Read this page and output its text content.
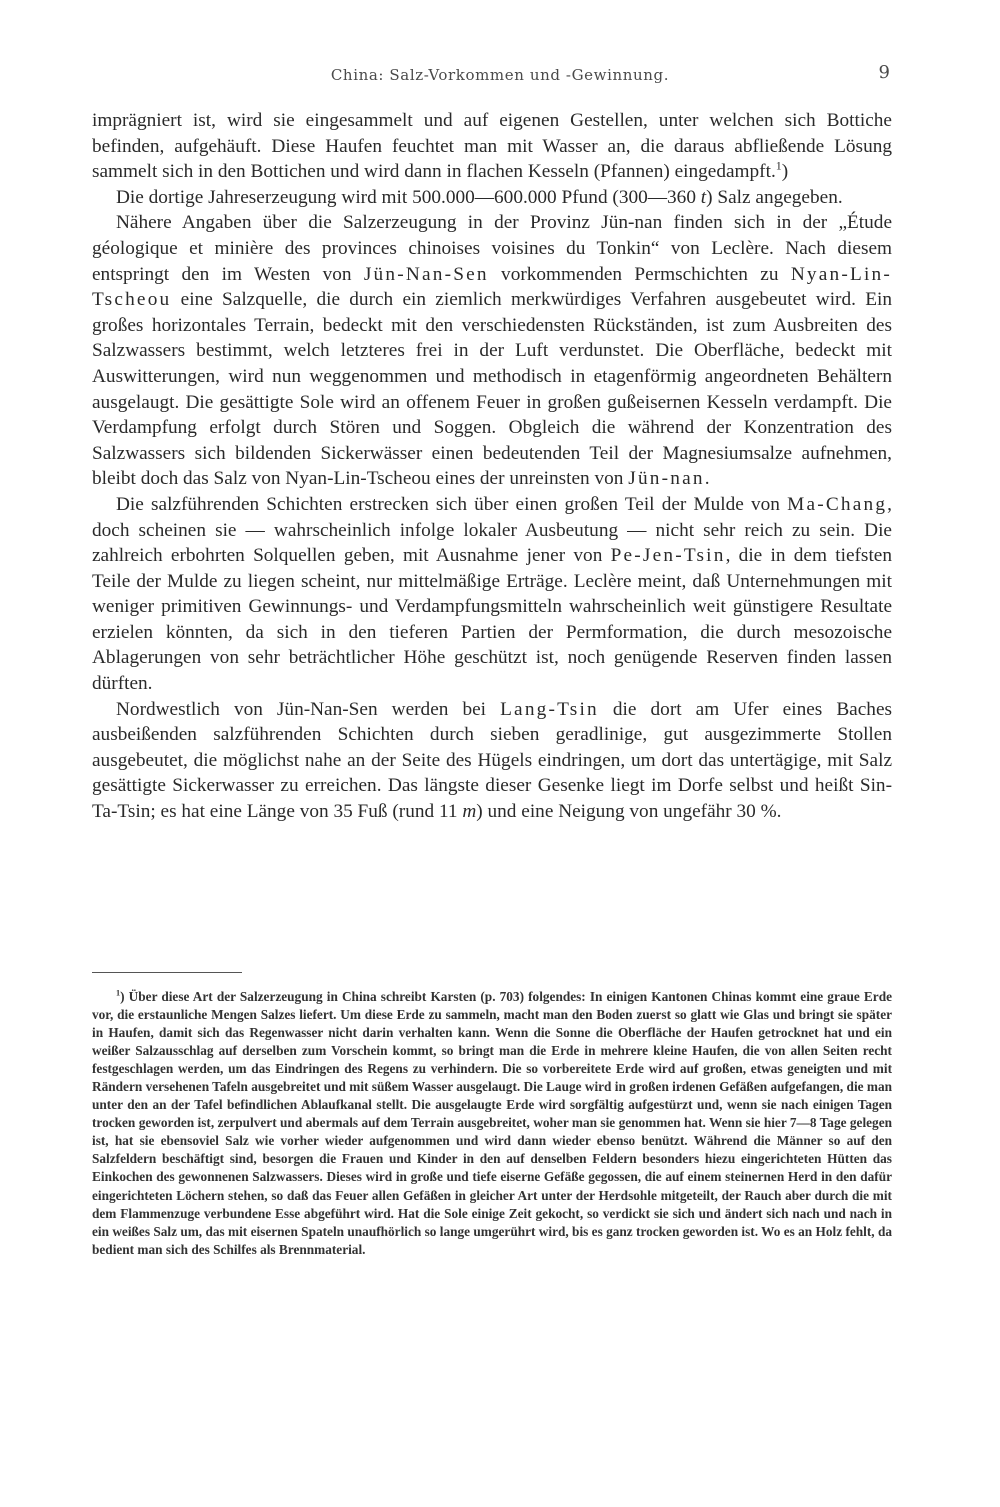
China: Salz-Vorkommen und -Gewinnung.	9

imprägniert ist, wird sie eingesammelt und auf eigenen Gestellen, unter welchen sich Bottiche befinden, aufgehäuft. Diese Haufen feuchtet man mit Wasser an, die daraus abfließende Lösung sammelt sich in den Bottichen und wird dann in flachen Kesseln (Pfannen) eingedampft.$^1$)

Die dortige Jahreserzeugung wird mit 500.000—600.000 Pfund (300—360 t) Salz angegeben.

Nähere Angaben über die Salzerzeugung in der Provinz Jün-nan finden sich in der „Étude géologique et minière des provinces chinoises voisines du Tonkin“ von Leclère. Nach diesem entspringt den im Westen von Jün-Nan-Sen vorkommenden Permschichten zu Nyan-Lin-Tscheou eine Salzquelle, die durch ein ziemlich merkwürdiges Verfahren ausgebeutet wird. Ein großes horizontales Terrain, bedeckt mit den verschiedensten Rückständen, ist zum Ausbreiten des Salzwassers bestimmt, welch letzteres frei in der Luft verdunstet. Die Oberfläche, bedeckt mit Auswitterungen, wird nun weggenommen und methodisch in etagenförmig angeordneten Behältern ausgelaugt. Die gesättigte Sole wird an offenem Feuer in großen gußeisernen Kesseln verdampft. Die Verdampfung erfolgt durch Stören und Soggen. Obgleich die während der Konzentration des Salzwassers sich bildenden Sickerwässer einen bedeutenden Teil der Magnesiumsalze aufnehmen, bleibt doch das Salz von Nyan-Lin-Tscheou eines der unreinsten von Jün-nan.

Die salzführenden Schichten erstrecken sich über einen großen Teil der Mulde von Ma-Chang, doch scheinen sie — wahrscheinlich infolge lokaler Ausbeutung — nicht sehr reich zu sein. Die zahlreich erbohrten Solquellen geben, mit Ausnahme jener von Pe-Jen-Tsin, die in dem tiefsten Teile der Mulde zu liegen scheint, nur mittelmäßige Erträge. Leclère meint, daß Unternehmungen mit weniger primitiven Gewinnungs- und Verdampfungsmitteln wahrscheinlich weit günstigere Resultate erzielen könnten, da sich in den tieferen Partien der Permformation, die durch mesozoische Ablagerungen von sehr beträchtlicher Höhe geschützt ist, noch genügende Reserven finden lassen dürften.

Nordwestlich von Jün-Nan-Sen werden bei Lang-Tsin die dort am Ufer eines Baches ausbeißenden salzführenden Schichten durch sieben geradlinige, gut ausgezimmerte Stollen ausgebeutet, die möglichst nahe an der Seite des Hügels eindringen, um dort das untertägige, mit Salz gesättigte Sickerwasser zu erreichen. Das längste dieser Gesenke liegt im Dorfe selbst und heißt Sin-Ta-Tsin; es hat eine Länge von 35 Fuß (rund 11 m) und eine Neigung von ungefähr 30 %.

$^1$) Über diese Art der Salzerzeugung in China schreibt Karsten (p. 703) folgendes: In einigen Kantonen Chinas kommt eine graue Erde vor, die erstaunliche Mengen Salzes liefert. Um diese Erde zu sammeln, macht man den Boden zuerst so glatt wie Glas und bringt sie später in Haufen, damit sich das Regenwasser nicht darin verhalten kann. Wenn die Sonne die Oberfläche der Haufen getrocknet hat und ein weißer Salzausschlag auf derselben zum Vorschein kommt, so bringt man die Erde in mehrere kleine Haufen, die von allen Seiten recht festgeschlagen werden, um das Eindringen des Regens zu verhindern. Die so vorbereitete Erde wird auf großen, etwas geneigten und mit Rändern versehenen Tafeln ausgebreitet und mit süßem Wasser ausgelaugt. Die Lauge wird in großen irdenen Gefäßen aufgefangen, die man unter den an der Tafel befindlichen Ablaufkanal stellt. Die ausgelaugte Erde wird sorgfältig aufgestürzt und, wenn sie nach einigen Tagen trocken geworden ist, zerpulvert und abermals auf dem Terrain ausgebreitet, woher man sie genommen hat. Wenn sie hier 7—8 Tage gelegen ist, hat sie ebensoviel Salz wie vorher wieder aufgenommen und wird dann wieder ebenso benützt. Während die Männer so auf den Salzfeldern beschäftigt sind, besorgen die Frauen und Kinder in den auf denselben Feldern besonders hiezu eingerichteten Hütten das Einkochen des gewonnenen Salzwassers. Dieses wird in große und tiefe eiserne Gefäße gegossen, die auf einem steinernen Herd in den dafür eingerichteten Löchern stehen, so daß das Feuer allen Gefäßen in gleicher Art unter der Herdsohle mitgeteilt, der Rauch aber durch die mit dem Flammenzuge verbundene Esse abgeführt wird. Hat die Sole einige Zeit gekocht, so verdickt sie sich und ändert sich nach und nach in ein weißes Salz um, das mit eisernen Spateln unaufhörlich so lange umgerührt wird, bis es ganz trocken geworden ist. Wo es an Holz fehlt, da bedient man sich des Schilfes als Brennmaterial.
